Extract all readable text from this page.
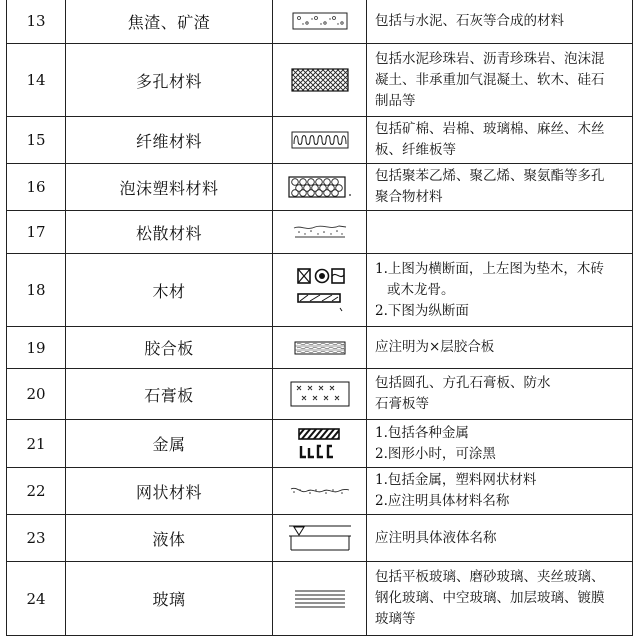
13	焦渣、矿渣		包括与水泥、石灰等合成的材料

14	多孔材料		包括水泥珍珠岩、沥青珍珠岩、泡沫混
凝土、非承重加气混凝土、软木、硅石
制品等

15	纤维材料		包括矿棉、岩棉、玻璃棉、麻丝、木丝
板、纤维板等

16	泡沫塑料材料		包括聚苯乙烯、聚乙烯、聚氨酯等多孔
聚合物材料

17	松散材料	

18	木材		1.上图为横断面，上左图为垫木，木砖
或木龙骨。
2.下图为纵断面

19	胶合板		应注明为×层胶合板

20	石膏板		包括圆孔、方孔石膏板、防水
石膏板等

21	金属		1.包括各种金属
2.图形小时，可涂黑

22	网状材料		1.包括金属，塑料网状材料
2.应注明具体材料名称

23	液体		应注明具体液体名称

24	玻璃		包括平板玻璃、磨砂玻璃、夹丝玻璃、
钢化玻璃、中空玻璃、加层玻璃、镀膜
玻璃等
